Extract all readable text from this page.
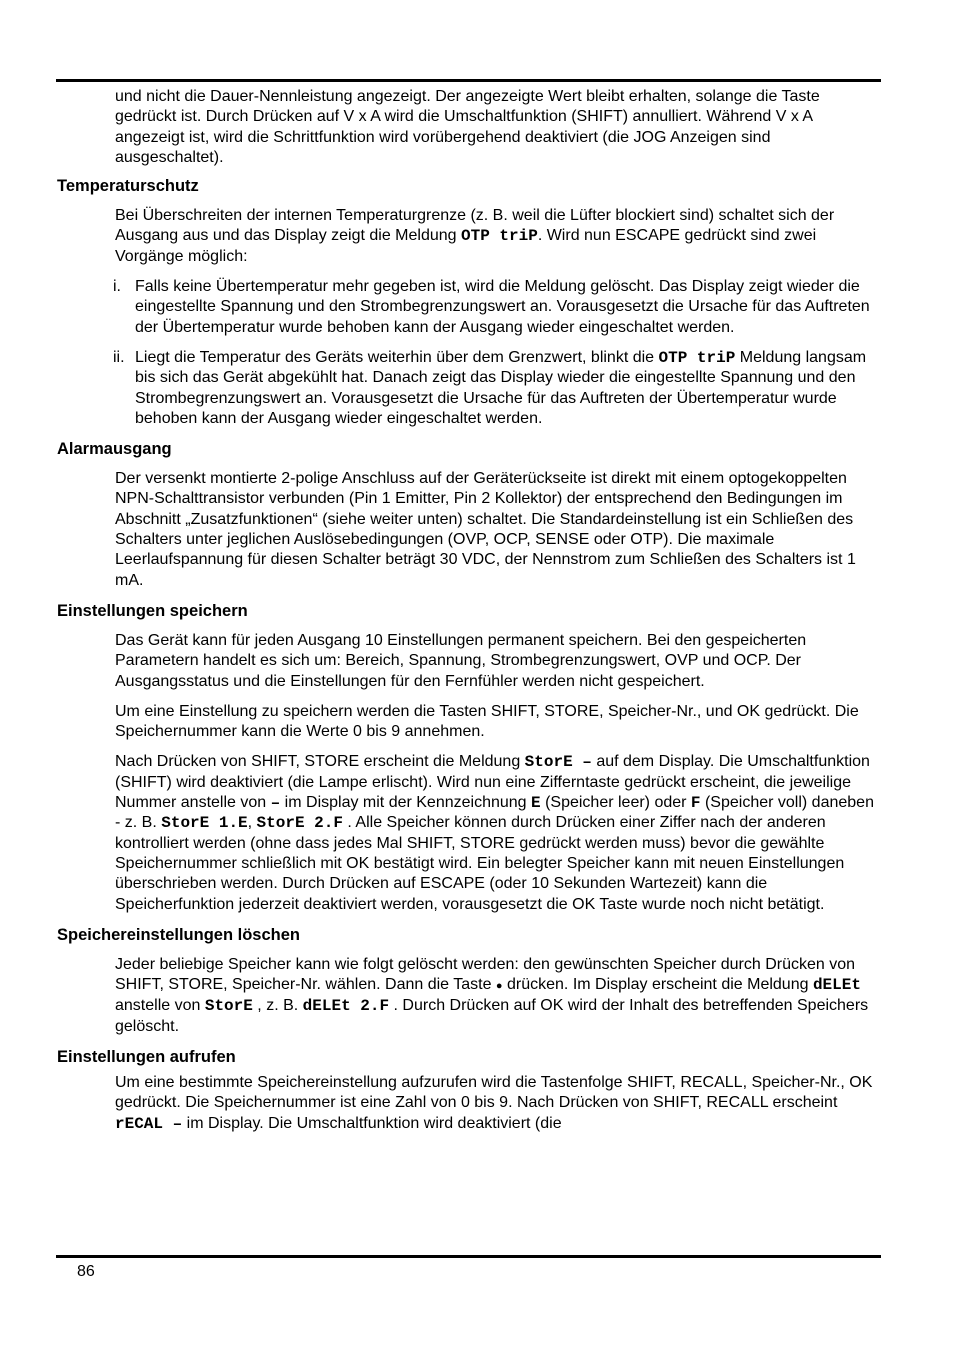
und nicht die Dauer-Nennleistung angezeigt. Der angezeigte Wert bleibt erhalten, solange die Taste gedrückt ist. Durch Drücken auf V x A wird die Umschaltfunktion (SHIFT) annulliert. Während V x A angezeigt ist, wird die Schrittfunktion wird vorübergehend deaktiviert (die JOG Anzeigen sind ausgeschaltet).

Temperaturschutz

Bei Überschreiten der internen Temperaturgrenze (z. B. weil die Lüfter blockiert sind) schaltet sich der Ausgang aus und das Display zeigt die Meldung OTP triP. Wird nun ESCAPE gedrückt sind zwei Vorgänge möglich:

i. Falls keine Übertemperatur mehr gegeben ist, wird die Meldung gelöscht. Das Display zeigt wieder die eingestellte Spannung und den Strombegrenzungswert an. Vorausgesetzt die Ursache für das Auftreten der Übertemperatur wurde behoben kann der Ausgang wieder eingeschaltet werden.
ii. Liegt die Temperatur des Geräts weiterhin über dem Grenzwert, blinkt die OTP triP Meldung langsam bis sich das Gerät abgekühlt hat. Danach zeigt das Display wieder die eingestellte Spannung und den Strombegrenzungswert an. Vorausgesetzt die Ursache für das Auftreten der Übertemperatur wurde behoben kann der Ausgang wieder eingeschaltet werden.
Alarmausgang

Der versenkt montierte 2-polige Anschluss auf der Geräterückseite ist direkt mit einem optogekoppelten NPN-Schalttransistor verbunden (Pin 1 Emitter, Pin 2 Kollektor) der entsprechend den Bedingungen im Abschnitt „Zusatzfunktionen“ (siehe weiter unten) schaltet. Die Standardeinstellung ist ein Schließen des Schalters unter jeglichen Auslösebedingungen (OVP, OCP, SENSE oder OTP). Die maximale Leerlaufspannung für diesen Schalter beträgt 30 VDC, der Nennstrom zum Schließen des Schalters ist 1 mA.

Einstellungen speichern

Das Gerät kann für jeden Ausgang 10 Einstellungen permanent speichern. Bei den gespeicherten Parametern handelt es sich um: Bereich, Spannung, Strombegrenzungswert, OVP und OCP. Der Ausgangsstatus und die Einstellungen für den Fernfühler werden nicht gespeichert.

Um eine Einstellung zu speichern werden die Tasten SHIFT, STORE, Speicher-Nr., und OK gedrückt. Die Speichernummer kann die Werte 0 bis 9 annehmen.

Nach Drücken von SHIFT, STORE erscheint die Meldung StorE – auf dem Display. Die Umschaltfunktion (SHIFT) wird deaktiviert (die Lampe erlischt). Wird nun eine Zifferntaste gedrückt erscheint, die jeweilige Nummer anstelle von – im Display mit der Kennzeichnung E (Speicher leer) oder F (Speicher voll) daneben - z. B. StorE 1.E, StorE 2.F . Alle Speicher können durch Drücken einer Ziffer nach der anderen kontrolliert werden (ohne dass jedes Mal SHIFT, STORE gedrückt werden muss) bevor die gewählte Speichernummer schließlich mit OK bestätigt wird. Ein belegter Speicher kann mit neuen Einstellungen überschrieben werden. Durch Drücken auf ESCAPE (oder 10 Sekunden Wartezeit) kann die Speicherfunktion jederzeit deaktiviert werden, vorausgesetzt die OK Taste wurde noch nicht betätigt.

Speichereinstellungen löschen

Jeder beliebige Speicher kann wie folgt gelöscht werden: den gewünschten Speicher durch Drücken von SHIFT, STORE, Speicher-Nr. wählen. Dann die Taste ● drücken. Im Display erscheint die Meldung dELEt anstelle von StorE , z. B. dELEt 2.F . Durch Drücken auf OK wird der Inhalt des betreffenden Speichers gelöscht.

Einstellungen aufrufen

Um eine bestimmte Speichereinstellung aufzurufen wird die Tastenfolge SHIFT, RECALL, Speicher-Nr., OK gedrückt. Die Speichernummer ist eine Zahl von 0 bis 9. Nach Drücken von SHIFT, RECALL erscheint rECAL – im Display. Die Umschaltfunktion wird deaktiviert (die

86
